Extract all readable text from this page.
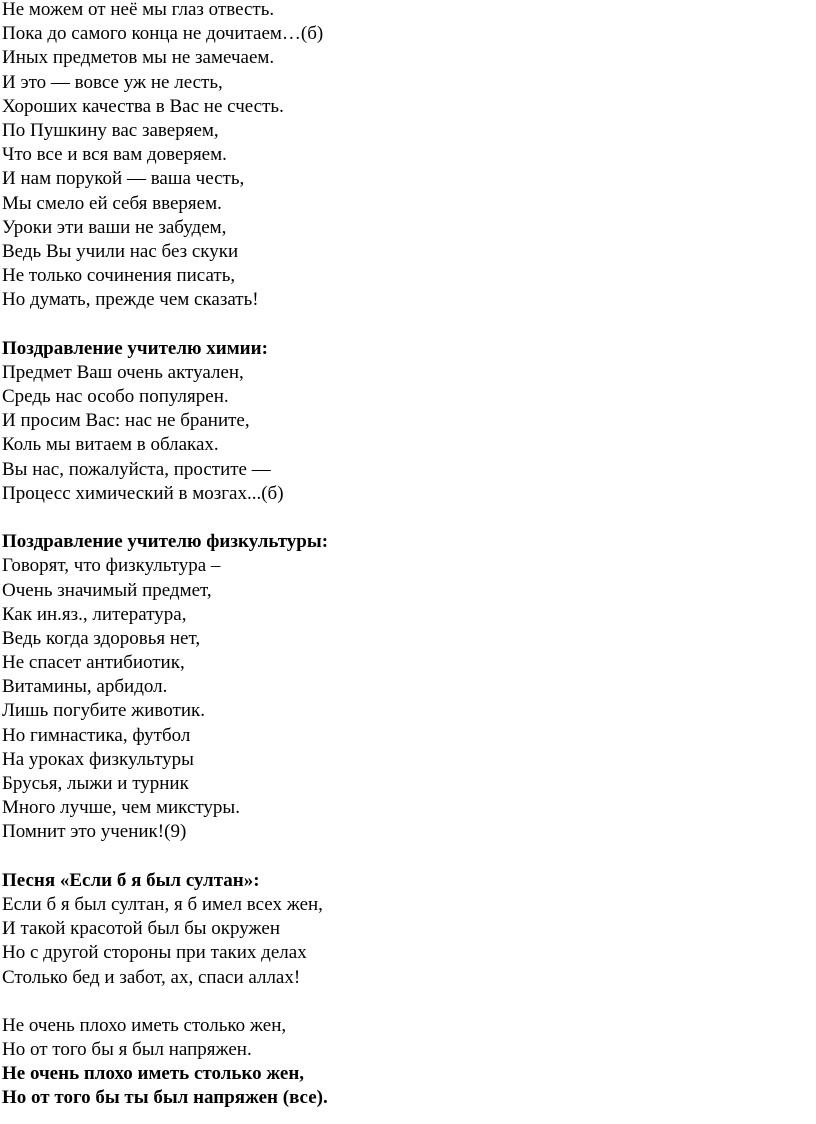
Не можем от неё мы глаз отвесть.
Пока до самого конца не дочитаем…(б)
Иных предметов мы не замечаем.
И это — вовсе уж не лесть,
Хороших качества в Вас не счесть.
По Пушкину вас заверяем,
Что все и вся вам доверяем.
И нам порукой — ваша честь,
Мы смело ей себя вверяем.
Уроки эти ваши не забудем,
Ведь Вы учили нас без скуки
Не только сочинения писать,
Но думать, прежде чем сказать!
Поздравление учителю химии:
Предмет Ваш очень актуален,
Средь нас особо популярен.
И просим Вас: нас не браните,
Коль мы витаем в облаках.
Вы нас, пожалуйста, простите —
Процесс химический в мозгах...(б)
Поздравление учителю физкультуры:
Говорят, что физкультура –
Очень значимый предмет,
Как ин.яз., литература,
Ведь когда здоровья нет,
Не спасет антибиотик,
Витамины, арбидол.
Лишь погубите животик.
Но гимнастика, футбол
На уроках физкультуры
Брусья, лыжи и турник
Много лучше, чем микстуры.
Помнит это ученик!(9)
Песня «Если б я был султан»:
Если б я был султан, я б имел всех жен,
И такой красотой был бы окружен
Но с другой стороны при таких делах
Столько бед и забот, ах, спаси аллах!
Не очень плохо иметь столько жен,
Но от того бы я был напряжен.
Не очень плохо иметь столько жен,
Но от того бы ты был напряжен (все).
